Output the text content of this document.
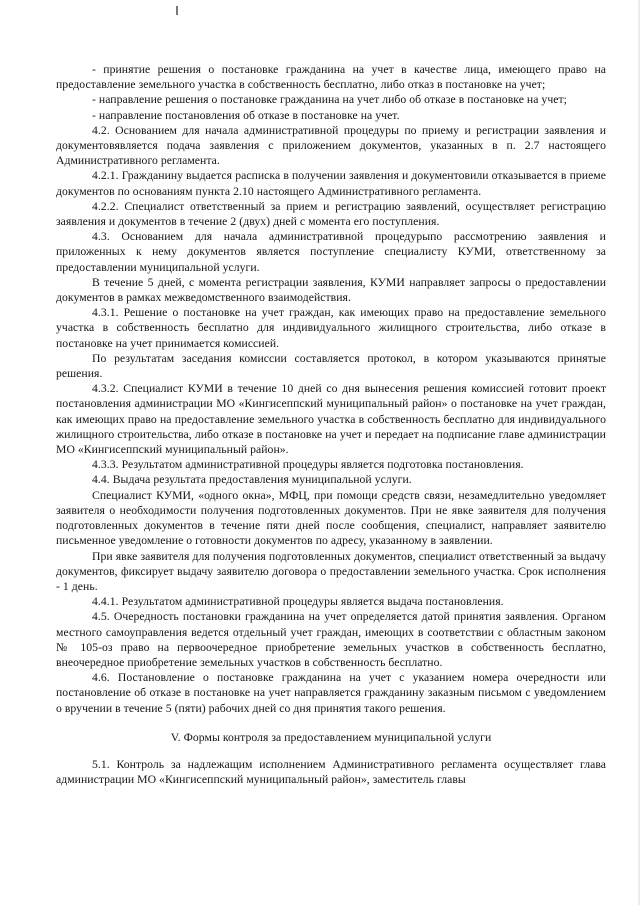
- принятие решения о постановке гражданина на учет в качестве лица, имеющего право на предоставление земельного участка в собственность бесплатно, либо отказ в постановке на учет;

- направление решения о постановке гражданина на учет либо об отказе в постановке на учет;

- направление постановления об отказе в постановке на учет.

4.2. Основанием для начала административной процедуры по приему и регистрации заявления и документовявляется подача заявления с приложением документов, указанных в п. 2.7 настоящего Административного регламента.

4.2.1. Гражданину выдается расписка в получении заявления и документовили отказывается в приеме документов по основаниям пункта 2.10 настоящего Административного регламента.

4.2.2. Специалист ответственный за прием и регистрацию заявлений, осуществляет регистрацию заявления и документов в течение 2 (двух) дней с момента его поступления.

4.3. Основанием для начала административной процедурыпо рассмотрению заявления и приложенных к нему документов является поступление специалисту КУМИ, ответственному за предоставлении муниципальной услуги.

В течение 5 дней, с момента регистрации заявления, КУМИ направляет запросы о предоставлении документов в рамках межведомственного взаимодействия.

4.3.1. Решение о постановке на учет граждан, как имеющих право на предоставление земельного участка в собственность бесплатно для индивидуального жилищного строительства, либо отказе в постановке на учет принимается комиссией.

По результатам заседания комиссии составляется протокол, в котором указываются принятые решения.

4.3.2. Специалист КУМИ в течение 10 дней со дня вынесения решения комиссией готовит проект постановления администрации МО «Кингисеппский муниципальный район» о постановке на учет граждан, как имеющих право на предоставление земельного участка в собственность бесплатно для индивидуального жилищного строительства, либо отказе в постановке на учет и передает на подписание главе администрации МО «Кингисеппский муниципальный район».

4.3.3. Результатом административной процедуры является подготовка постановления.

4.4. Выдача результата предоставления муниципальной услуги.

Специалист КУМИ, «одного окна», МФЦ, при помощи средств связи, незамедлительно уведомляет заявителя о необходимости получения подготовленных документов. При не явке заявителя для получения подготовленных документов в течение пяти дней после сообщения, специалист, направляет заявителю письменное уведомление о готовности документов по адресу, указанному в заявлении.

При явке заявителя для получения подготовленных документов, специалист ответственный за выдачу документов, фиксирует выдачу заявителю договора о предоставлении земельного участка. Срок исполнения - 1 день.

4.4.1. Результатом административной процедуры является выдача постановления.

4.5. Очередность постановки гражданина на учет определяется датой принятия заявления. Органом местного самоуправления ведется отдельный учет граждан, имеющих в соответствии с областным законом № 105-оз право на первоочередное приобретение земельных участков в собственность бесплатно, внеочередное приобретение земельных участков в собственность бесплатно.

4.6. Постановление о постановке гражданина на учет с указанием номера очередности или постановление об отказе в постановке на учет направляется гражданину заказным письмом с уведомлением о вручении в течение 5 (пяти) рабочих дней со дня принятия такого решения.

V. Формы контроля за предоставлением муниципальной услуги

5.1. Контроль за надлежащим исполнением Административного регламента осуществляет глава администрации МО «Кингисеппский муниципальный район», заместитель главы
